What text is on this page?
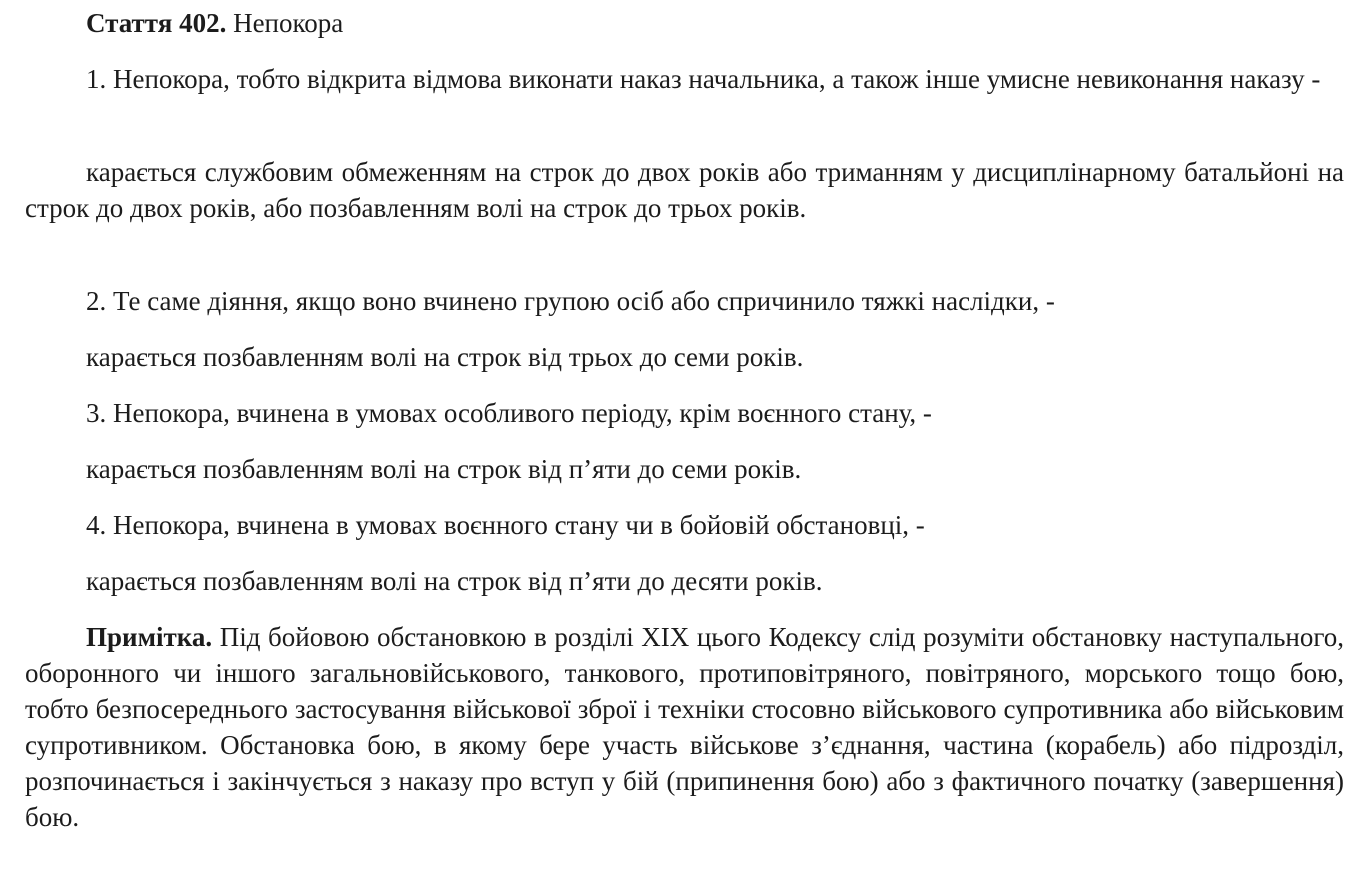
Стаття 402. Непокора

1. Непокора, тобто відкрита відмова виконати наказ начальника, а також інше умисне невиконання наказу -

карається службовим обмеженням на строк до двох років або триманням у дисциплінарному батальйоні на строк до двох років, або позбавленням волі на строк до трьох років.

2. Те саме діяння, якщо воно вчинено групою осіб або спричинило тяжкі наслідки, -

карається позбавленням волі на строк від трьох до семи років.

3. Непокора, вчинена в умовах особливого періоду, крім воєнного стану, -

карається позбавленням волі на строк від п’яти до семи років.

4. Непокора, вчинена в умовах воєнного стану чи в бойовій обстановці, -

карається позбавленням волі на строк від п’яти до десяти років.

Примітка. Під бойовою обстановкою в розділі XIX цього Кодексу слід розуміти обстановку наступального, оборонного чи іншого загальновійськового, танкового, протиповітряного, повітряного, морського тощо бою, тобто безпосереднього застосування військової зброї і техніки стосовно військового супротивника або військовим супротивником. Обстановка бою, в якому бере участь військове з’єднання, частина (корабель) або підрозділ, розпочинається і закінчується з наказу про вступ у бій (припинення бою) або з фактичного початку (завершення) бою.
